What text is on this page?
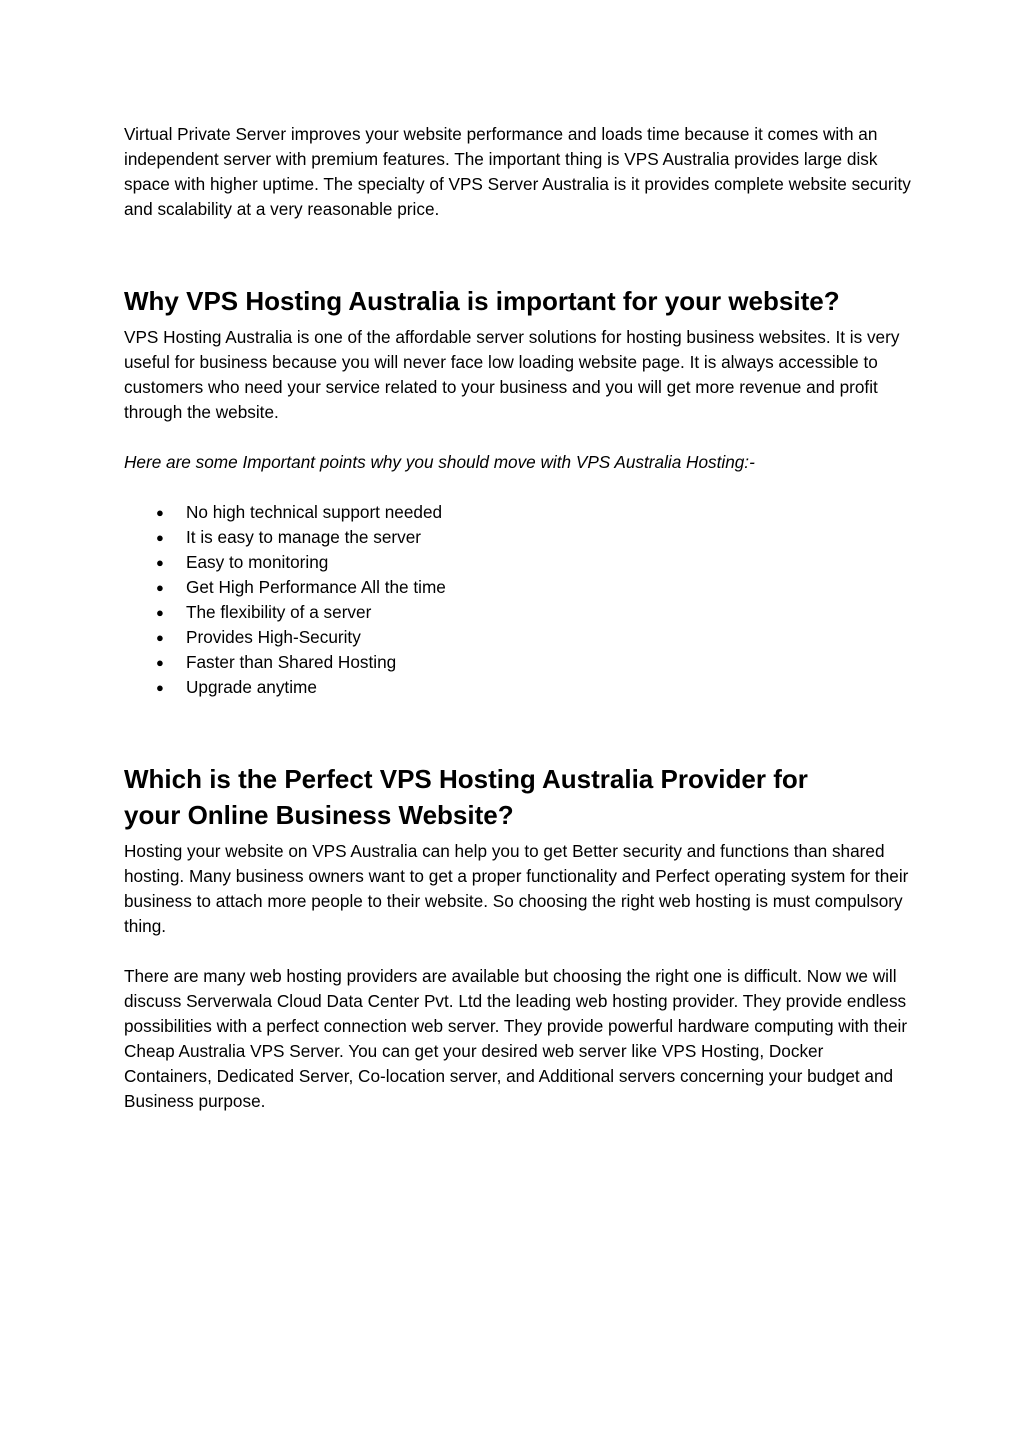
Virtual Private Server improves your website performance and loads time because it comes with an independent server with premium features. The important thing is VPS Australia provides large disk space with higher uptime. The specialty of VPS Server Australia is it provides complete website security and scalability at a very reasonable price.

Why VPS Hosting Australia is important for your website?

VPS Hosting Australia is one of the affordable server solutions for hosting business websites. It is very useful for business because you will never face low loading website page. It is always accessible to customers who need your service related to your business and you will get more revenue and profit through the website.

Here are some Important points why you should move with VPS Australia Hosting:-

● No high technical support needed
● It is easy to manage the server
● Easy to monitoring
● Get High Performance All the time
● The flexibility of a server
● Provides High-Security
● Faster than Shared Hosting
● Upgrade anytime
Which is the Perfect VPS Hosting Australia Provider for
your Online Business Website?

Hosting your website on VPS Australia can help you to get Better security and functions than shared hosting. Many business owners want to get a proper functionality and Perfect operating system for their business to attach more people to their website. So choosing the right web hosting is must compulsory thing.

There are many web hosting providers are available but choosing the right one is difficult. Now we will discuss Serverwala Cloud Data Center Pvt. Ltd the leading web hosting provider. They provide endless possibilities with a perfect connection web server. They provide powerful hardware computing with their Cheap Australia VPS Server. You can get your desired web server like VPS Hosting, Docker Containers, Dedicated Server, Co-location server, and Additional servers concerning your budget and Business purpose.
